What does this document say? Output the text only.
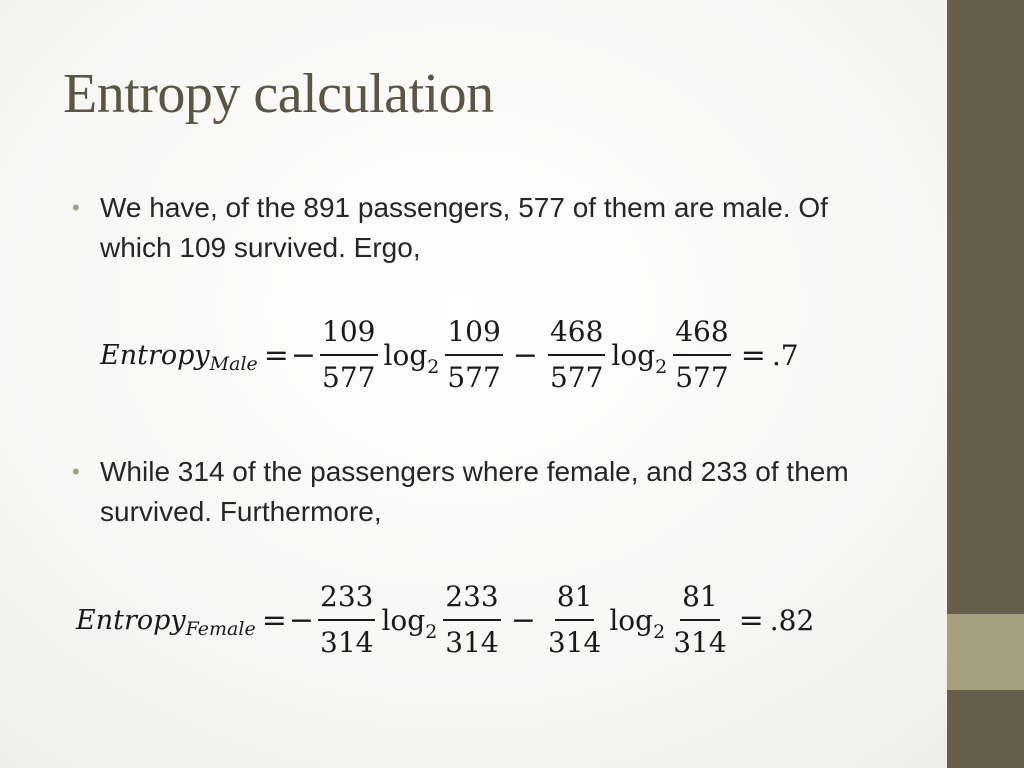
Entropy calculation
• We have, of the 891 passengers, 577 of them are male. Of which 109 survived. Ergo,
Entropy Male = − $\frac{109}{577} \log_2 \frac{109}{577} - \frac{468}{577} \log_2 \frac{468}{577} = .7$
• While 314 of the passengers where female, and 233 of them survived. Furthermore,
Entropy Female = − $\frac{233}{314} \log_2 \frac{233}{314} - \frac{81}{314} \log_2 \frac{81}{314} = .82$
